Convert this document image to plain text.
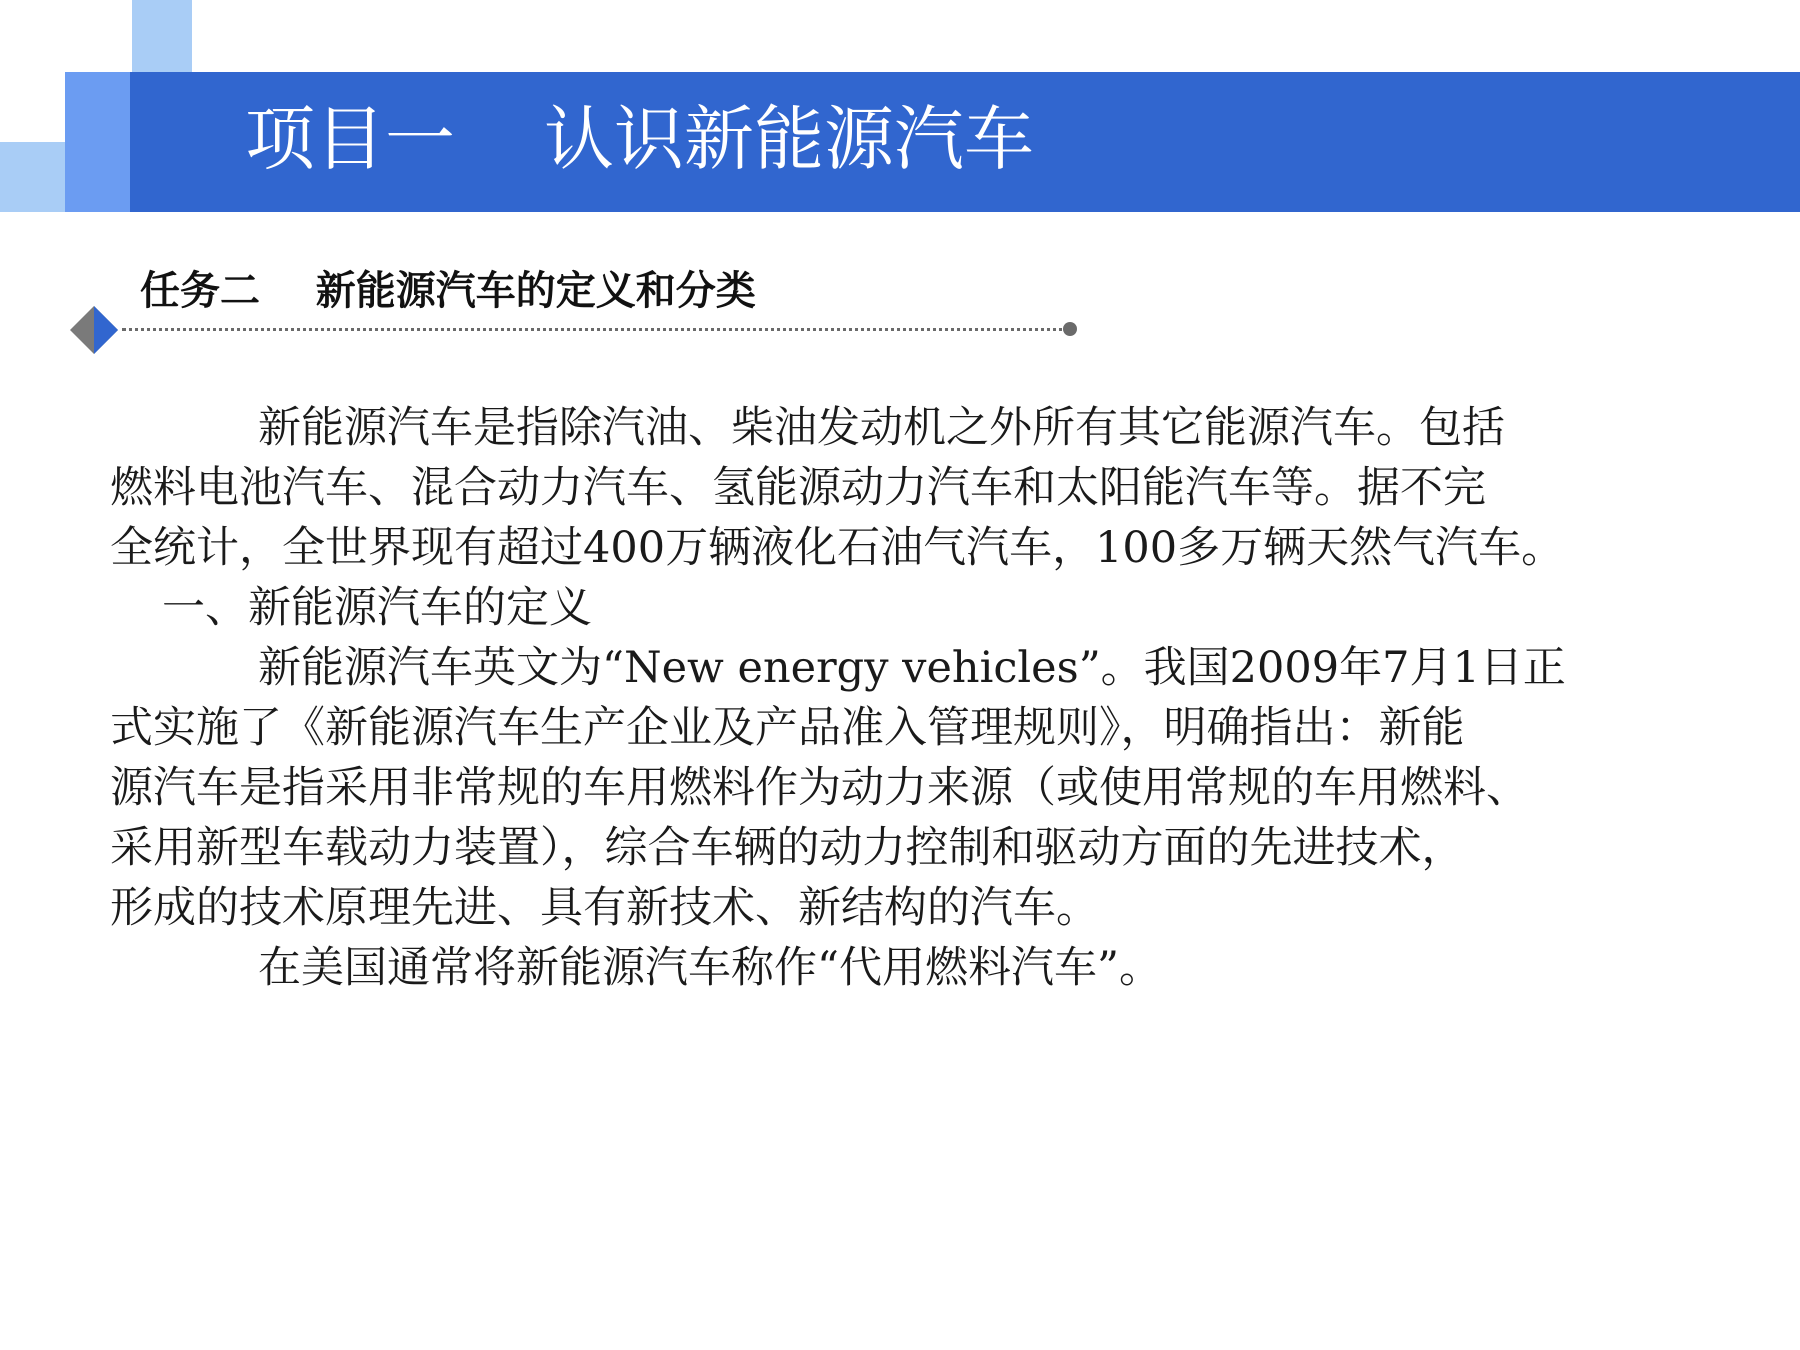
项目一    认识新能源汽车
任务二    新能源汽车的定义和分类
新能源汽车是指除汽油、柴油发动机之外所有其它能源汽车。包括
燃料电池汽车、混合动力汽车、氢能源动力汽车和太阳能汽车等。据不完
全统计，全世界现有超过400万辆液化石油气汽车，100多万辆天然气汽车。
一、新能源汽车的定义
新能源汽车英文为“New energy vehicles”。我国2009年7月1日正
式实施了《新能源汽车生产企业及产品准入管理规则》，明确指出：新能
源汽车是指采用非常规的车用燃料作为动力来源（或使用常规的车用燃料、
采用新型车载动力装置），综合车辆的动力控制和驱动方面的先进技术，
形成的技术原理先进、具有新技术、新结构的汽车。
在美国通常将新能源汽车称作“代用燃料汽车”。
